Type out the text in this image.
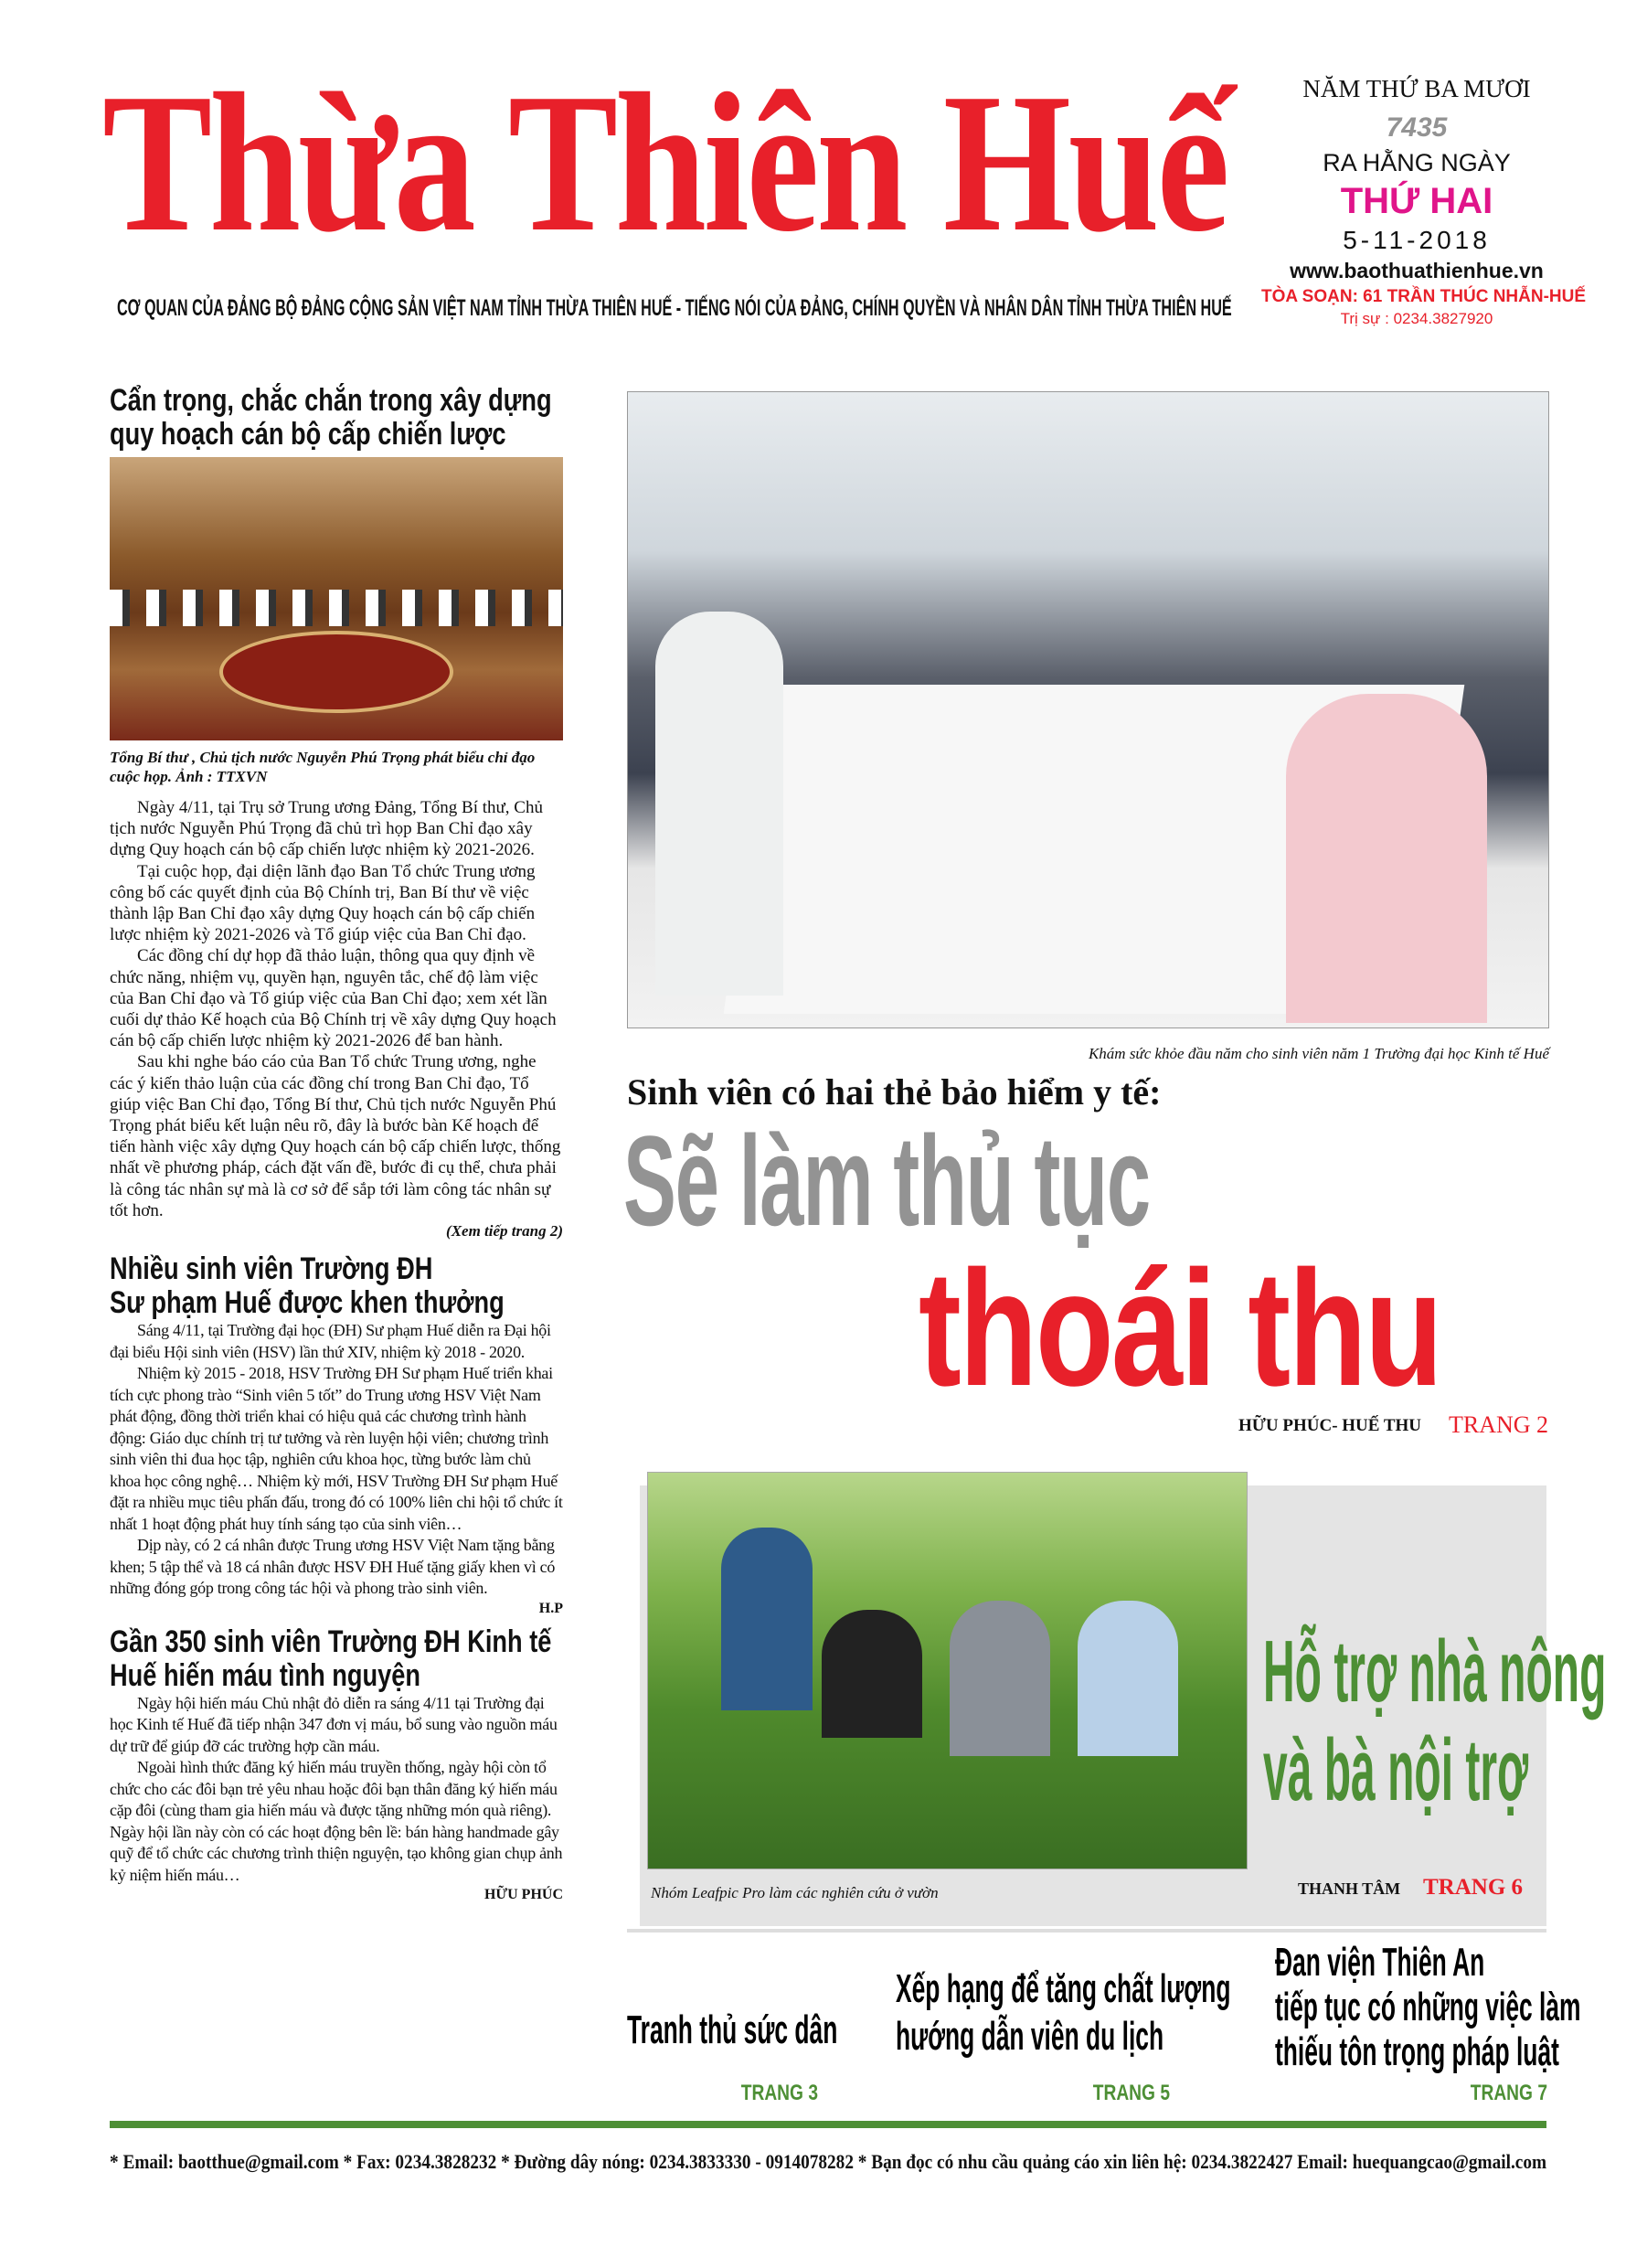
Thừa Thiên Huế
CƠ QUAN CỦA ĐẢNG BỘ ĐẢNG CỘNG SẢN VIỆT NAM TỈNH THỪA THIÊN HUẾ - TIẾNG NÓI CỦA ĐẢNG, CHÍNH QUYỀN VÀ NHÂN DÂN TỈNH THỪA THIÊN HUẾ
NĂM THỨ BA MƯƠI
7435
RA HẰNG NGÀY
THỨ HAI
5-11-2018
www.baothuathienhue.vn
TÒA SOẠN: 61 TRẦN THÚC NHẪN-HUẾ
Trị sự : 0234.3827920
Cẩn trọng, chắc chắn trong xây dựng
quy hoạch cán bộ cấp chiến lược
Tổng Bí thư , Chủ tịch nước Nguyễn Phú Trọng phát biểu chỉ đạo cuộc họp. Ảnh : TTXVN

Ngày 4/11, tại Trụ sở Trung ương Đảng, Tổng Bí thư, Chủ tịch nước Nguyễn Phú Trọng đã chủ trì họp Ban Chỉ đạo xây dựng Quy hoạch cán bộ cấp chiến lược nhiệm kỳ 2021-2026.

Tại cuộc họp, đại diện lãnh đạo Ban Tổ chức Trung ương công bố các quyết định của Bộ Chính trị, Ban Bí thư về việc thành lập Ban Chỉ đạo xây dựng Quy hoạch cán bộ cấp chiến lược nhiệm kỳ 2021-2026 và Tổ giúp việc của Ban Chỉ đạo.

Các đồng chí dự họp đã thảo luận, thông qua quy định về chức năng, nhiệm vụ, quyền hạn, nguyên tắc, chế độ làm việc của Ban Chỉ đạo và Tổ giúp việc của Ban Chỉ đạo; xem xét lần cuối dự thảo Kế hoạch của Bộ Chính trị về xây dựng Quy hoạch cán bộ cấp chiến lược nhiệm kỳ 2021-2026 để ban hành.

Sau khi nghe báo cáo của Ban Tổ chức Trung ương, nghe các ý kiến thảo luận của các đồng chí trong Ban Chỉ đạo, Tổ giúp việc Ban Chỉ đạo, Tổng Bí thư, Chủ tịch nước Nguyễn Phú Trọng phát biểu kết luận nêu rõ, đây là bước bàn Kế hoạch để tiến hành việc xây dựng Quy hoạch cán bộ cấp chiến lược, thống nhất về phương pháp, cách đặt vấn đề, bước đi cụ thể, chưa phải là công tác nhân sự mà là cơ sở để sắp tới làm công tác nhân sự tốt hơn.

(Xem tiếp trang 2)
Nhiều sinh viên Trường ĐH
Sư phạm Huế được khen thưởng

Sáng 4/11, tại Trường đại học (ĐH) Sư phạm Huế diễn ra Đại hội đại biểu Hội sinh viên (HSV) lần thứ XIV, nhiệm kỳ 2018 - 2020.

Nhiệm kỳ 2015 - 2018, HSV Trường ĐH Sư phạm Huế triển khai tích cực phong trào “Sinh viên 5 tốt” do Trung ương HSV Việt Nam phát động, đồng thời triển khai có hiệu quả các chương trình hành động: Giáo dục chính trị tư tưởng và rèn luyện hội viên; chương trình sinh viên thi đua học tập, nghiên cứu khoa học, từng bước làm chủ khoa học công nghệ… Nhiệm kỳ mới, HSV Trường ĐH Sư phạm Huế đặt ra nhiều mục tiêu phấn đấu, trong đó có 100% liên chi hội tổ chức ít nhất 1 hoạt động phát huy tính sáng tạo của sinh viên…

Dịp này, có 2 cá nhân được Trung ương HSV Việt Nam tặng bằng khen; 5 tập thể và 18 cá nhân được HSV ĐH Huế tặng giấy khen vì có những đóng góp trong công tác hội và phong trào sinh viên.

H.P
Gần 350 sinh viên Trường ĐH Kinh tế
Huế hiến máu tình nguyện

Ngày hội hiến máu Chủ nhật đỏ diễn ra sáng 4/11 tại Trường đại học Kinh tế Huế đã tiếp nhận 347 đơn vị máu, bổ sung vào nguồn máu dự trữ để giúp đỡ các trường hợp cần máu.

Ngoài hình thức đăng ký hiến máu truyền thống, ngày hội còn tổ chức cho các đôi bạn trẻ yêu nhau hoặc đôi bạn thân đăng ký hiến máu cặp đôi (cùng tham gia hiến máu và được tặng những món quà riêng). Ngày hội lần này còn có các hoạt động bên lề: bán hàng handmade gây quỹ để tổ chức các chương trình thiện nguyện, tạo không gian chụp ảnh kỷ niệm hiến máu…

HỮU PHÚC
Khám sức khỏe đầu năm cho sinh viên năm 1 Trường đại học Kinh tế Huế
Sinh viên có hai thẻ bảo hiểm y tế:
Sẽ làm thủ tục
thoái thu
HỮU PHÚC- HUẾ THU TRANG 2
Nhóm Leafpic Pro làm các nghiên cứu ở vườn
Hỗ trợ nhà nông
và bà nội trợ
THANH TÂM TRANG 6
Tranh thủ sức dân
TRANG 3
Xếp hạng để tăng chất lượng
hướng dẫn viên du lịch
TRANG 5
Đan viện Thiên An
tiếp tục có những việc làm
thiếu tôn trọng pháp luật
TRANG 7
* Email: baotthue@gmail.com * Fax: 0234.3828232 * Đường dây nóng: 0234.3833330 - 0914078282 * Bạn đọc có nhu cầu quảng cáo xin liên hệ: 0234.3822427 Email: huequangcao@gmail.com
